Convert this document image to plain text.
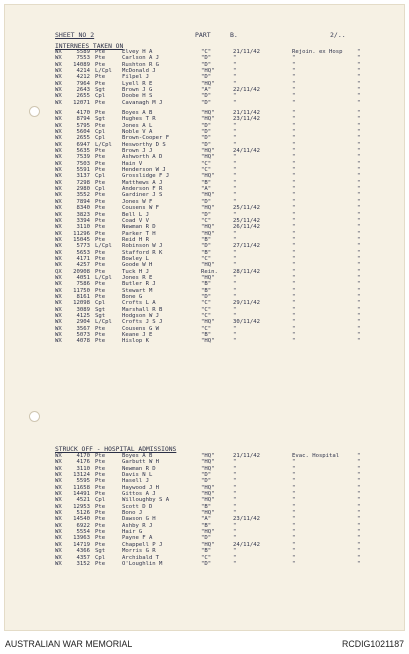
SHEET NO 2	PART	B.	2/..
INTERNEES TAKEN ON
WX	5589 Pte	Elvey H A	"C"	21/11/42	Rejoin. ex Hosp	"
WX	7553 Pte	Carlson A J	"D"	"	"	"
WX	14089 Pte	Rushton R G	"D"	"	"	"
WX	4214 L/Cpl McDonald J	"HQ"	"	"	"
WX	4212 Pte	Filpel J	"D"	"	"	"
WX	7964 Pte	Lyell R E	"HQ"	"	"	"
WX	2643 Sgt	Brown J G	"A"	22/11/42	"	"
WX	2655 Cpl	Doobe H S	"D"	"	"	"
WX	12071 Pte	Cavanagh M J	"D"	"	"	"
WX	4170 Pte	Boyes A B	"HQ"	21/11/42	"	"
WX	8794 Sgt	Hughes T R	"HQ"	23/11/42	"	"
WX	5795 Pte	Jones A L	"D"	"	"	"
WX	5604 Cpl	Noble V A	"D"	"	"	"
WX	2655 Cpl	Brown-Cooper F	"D"	"	"	"
WX	6947 L/Cpl Hesworthy D S	"D"	"	"	"
WX	5635 Pte	Brown J J	"HQ"	24/11/42	"	"
WX	7539 Pte	Ashworth A D	"HQ"	"	"	"
WX	7503 Pte	Hain V	"C"	"	"	"
WX	5591 Pte	Henderson W J	"C"	"	"	"
WX	3137 Cpl	Grosslidge F J	"HQ"	"	"	"
WX	7298 Pte	Matthews A J	"B"	"	"	"
WX	2980 Cpl	Anderson F R	"A"	"	"	"
WX	3552 Pte	Gardiner J S	"HQ"	"	"	"
WX	7894 Pte	Jones W F	"D"	"	"	"
WX	8340 Pte	Cousens W F	"HQ"	25/11/42	"	"
WX	3823 Pte	Bell L J	"D"	"	"	"
WX	3394 Pte	Coad V V	"C"	25/11/42	"	"
WX	3110 Pte	Newman R D	"HQ"	26/11/42	"	"
WX	11296 Pte	Parker T H	"HQ"	"	"	"
WX	15045 Pte	Reid H R	"B"	"	"	"
WX	5773 L/Cpl Robinson W J	"D"	27/11/42	"	"
WX	5653 Pte	Stafford R K	"B"	"	"	"
WX	4171 Pte	Bowley L	"C"	"	"	"
WX	4257 Pte	Goode W H	"HQ"	"	"	"
QX	20908 Pte	Tuck H J	Rein.	28/11/42	"	"
WX	4051 L/Cpl Jones R E	"HQ"	"	"	"
WX	7586 Pte	Butler R J	"B"	"	"	"
WX	11750 Pte	Stewart M	"B"	"	"	"
WX	8161 Pte	Bone G	"D"	"	"	"
WX	12098 Cpl	Crofts L A	"C"	29/11/42	"	"
WX	3089 Sgt	Marshall R B	"C"	"	"	"
WX	4125 Sgt	Hodgson W J	"C"	"	"	"
WX	2904 L/Cpl Crofts J S J	"HQ"	30/11/42	"	"
WX	3567 Pte	Cousens G W	"C"	"	"	"
WX	5073 Pte	Keane J E	"B"	"	"	"
WX	4078 Pte	Hislop K	"HQ"	"	"	"
STRUCK OFF - HOSPITAL ADMISSIONS
WX	4170 Pte	Boyes A B	"HQ"	21/11/42	Evac. Hospital	"
WX	4176 Pte	Garbutt W H	"HQ"	"	"	"
WX	3110 Pte	Newman R D	"HQ"	"	"	"
WX	13124 Pte	Davis N L	"D"	"	"	"
WX	5595 Pte	Hasell J	"D"	"	"	"
WX	11658 Pte	Haywood J H	"HQ"	"	"	"
WX	14491 Pte	Gittos A J	"HQ"	"	"	"
WX	4521 Cpl	Willoughby S A	"HQ"	"	"	"
WX	12953 Pte	Scott D D	"B"	"	"	"
WX	5126 Pte	Bono J	"HQ"	"	"	"
WX	14540 Pte	Dawson G H	"A"	23/11/42	"	"
WX	6922 Pte	Ashby R J	"B"	"	"	"
WX	5554 Pte	Hair G	"HQ"	"	"	"
WX	13963 Pte	Payne F A	"D"	"	"	"
WX	14719 Pte	Chappell P J	"HQ"	24/11/42	"	"
WX	4366 Sgt	Morris G R	"B"	"	"	"
WX	4357 Cpl	Archibald T	"C"	"	"	"
WX	3152 Pte	O'Loughlin M	"D"	"	"	"
AUSTRALIAN WAR MEMORIAL	RCDIG1021187
